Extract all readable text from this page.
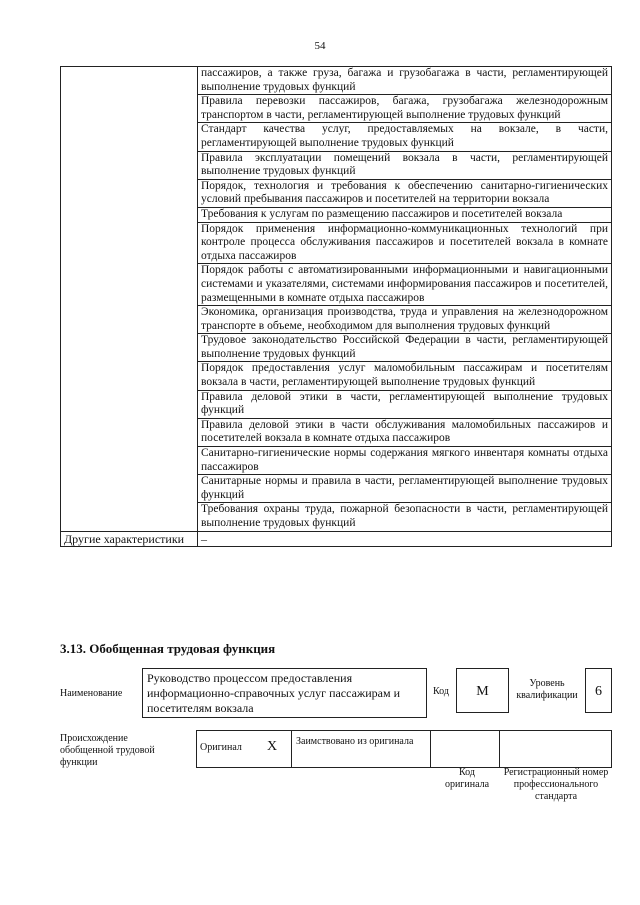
54
	пассажиров, а также груза, багажа и грузобагажа в части, регламентирующей выполнение трудовых функций
	Правила перевозки пассажиров, багажа, грузобагажа железнодорожным транспортом в части, регламентирующей выполнение трудовых функций
	Стандарт качества услуг, предоставляемых на вокзале, в части, регламентирующей выполнение трудовых функций
	Правила эксплуатации помещений вокзала в части, регламентирующей выполнение трудовых функций
	Порядок, технология и требования к обеспечению санитарно-гигиенических условий пребывания пассажиров и посетителей на территории вокзала
	Требования к услугам по размещению пассажиров и посетителей вокзала
	Порядок применения информационно-коммуникационных технологий при контроле процесса обслуживания пассажиров и посетителей вокзала в комнате отдыха пассажиров
	Порядок работы с автоматизированными информационными и навигационными системами и указателями, системами информирования пассажиров и посетителей, размещенными в комнате отдыха пассажиров
	Экономика, организация производства, труда и управления на железнодорожном транспорте в объеме, необходимом для выполнения трудовых функций
	Трудовое законодательство Российской Федерации в части, регламентирующей выполнение трудовых функций
	Порядок предоставления услуг маломобильным пассажирам и посетителям вокзала в части, регламентирующей выполнение трудовых функций
	Правила деловой этики в части, регламентирующей выполнение трудовых функций
	Правила деловой этики в части обслуживания маломобильных пассажиров и посетителей вокзала в комнате отдыха пассажиров
	Санитарно-гигиенические нормы содержания мягкого инвентаря комнаты отдыха пассажиров
	Санитарные нормы и правила в части, регламентирующей выполнение трудовых функций
	Требования охраны труда, пожарной безопасности в части, регламентирующей выполнение трудовых функций
Другие характеристики	–
3.13. Обобщенная трудовая функция
Наименование
Руководство процессом предоставления информационно-справочных услуг пассажирам и посетителям вокзала
Код	M
Уровень квалификации	6
Происхождение обобщенной трудовой функции
Оригинал X	Заимствовано из оригинала
Код оригинала
Регистрационный номер профессионального стандарта
